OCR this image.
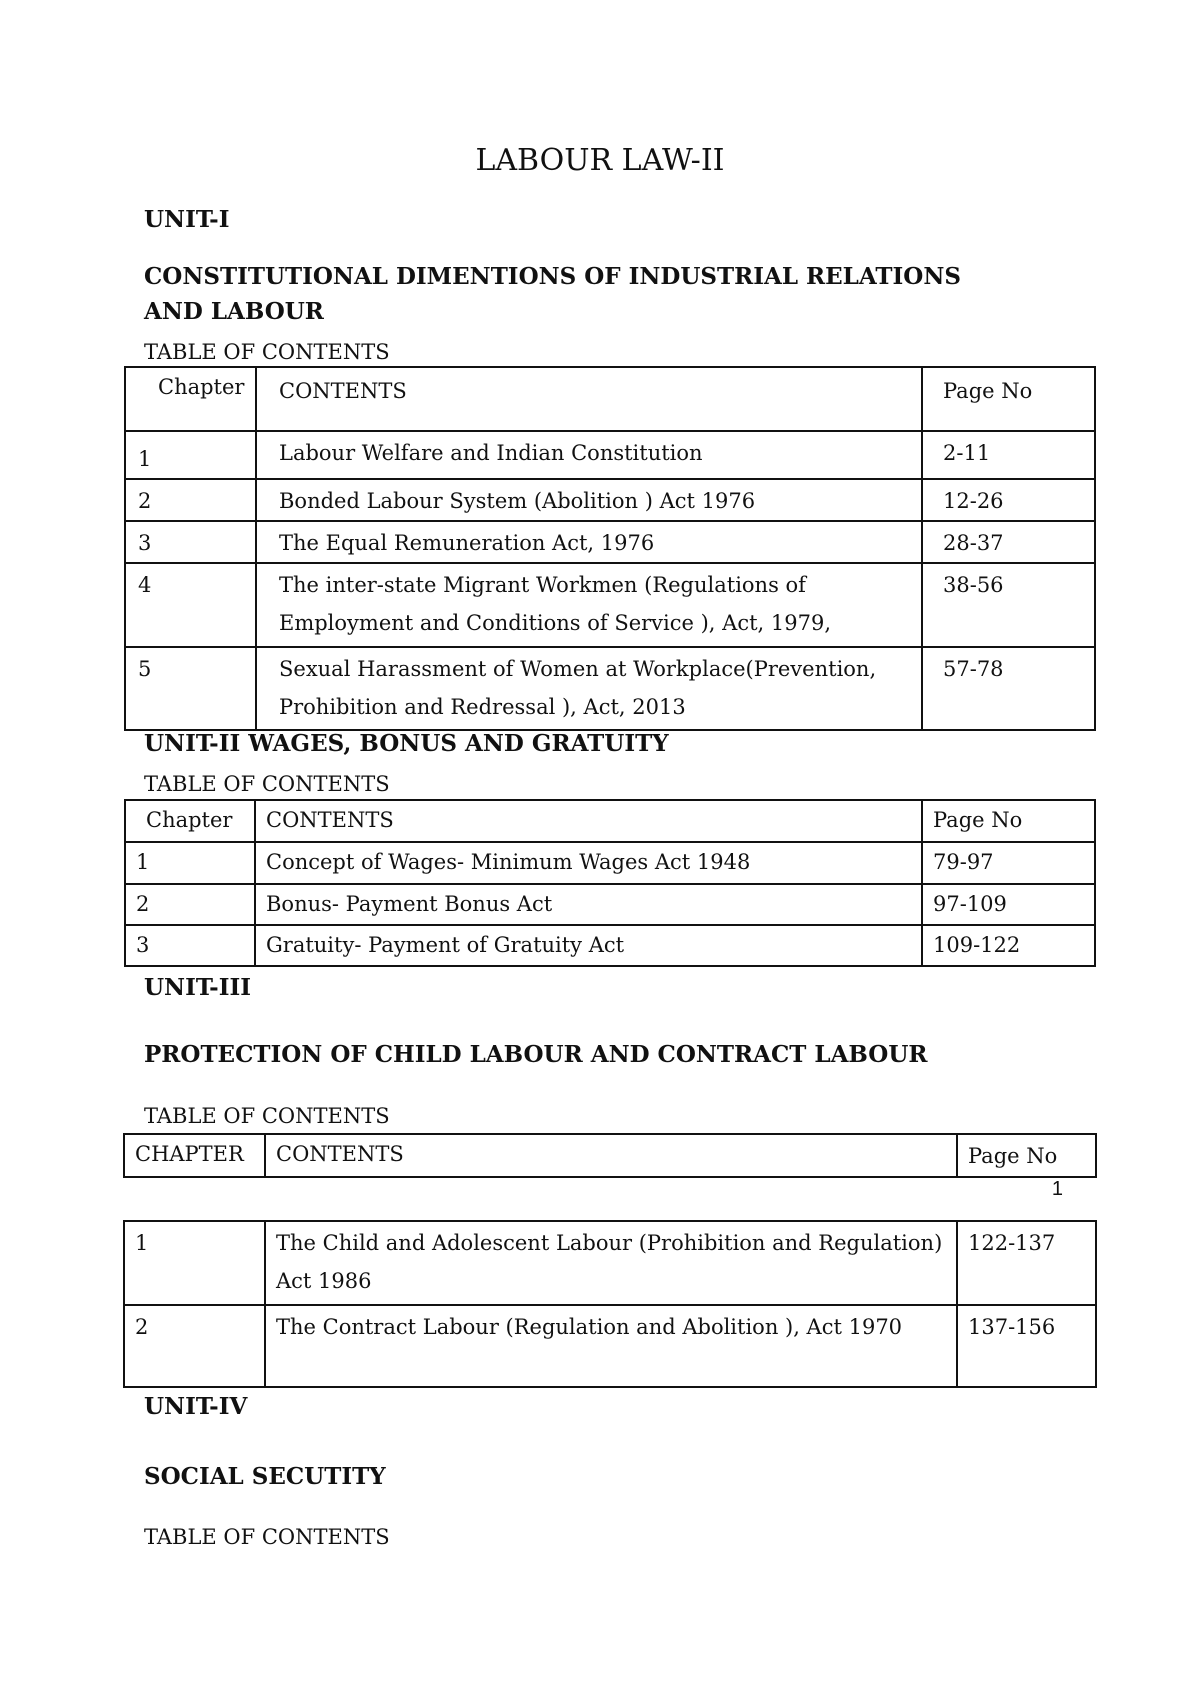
LABOUR LAW-II
UNIT-I
CONSTITUTIONAL DIMENTIONS OF INDUSTRIAL RELATIONS AND LABOUR
TABLE OF CONTENTS
Chapter	CONTENTS	Page No
1	Labour Welfare and Indian Constitution	2-11
2	Bonded Labour System (Abolition ) Act 1976	12-26
3	The Equal Remuneration Act, 1976	28-37
4	The inter-state Migrant Workmen (Regulations of Employment and Conditions of Service ), Act, 1979,	38-56
5	Sexual Harassment of Women at Workplace(Prevention, Prohibition and Redressal ), Act, 2013	57-78
UNIT-II WAGES, BONUS AND GRATUITY
TABLE OF CONTENTS
Chapter	CONTENTS	Page No
1	Concept of Wages- Minimum Wages Act 1948	79-97
2	Bonus- Payment Bonus Act	97-109
3	Gratuity- Payment of Gratuity Act	109-122
UNIT-III
PROTECTION OF CHILD LABOUR AND CONTRACT LABOUR
TABLE OF CONTENTS
CHAPTER	CONTENTS	Page No
1
1	The Child and Adolescent Labour (Prohibition and Regulation) Act 1986	122-137
2	The Contract Labour (Regulation and Abolition ), Act 1970	137-156
UNIT-IV
SOCIAL SECUTITY
TABLE OF CONTENTS
